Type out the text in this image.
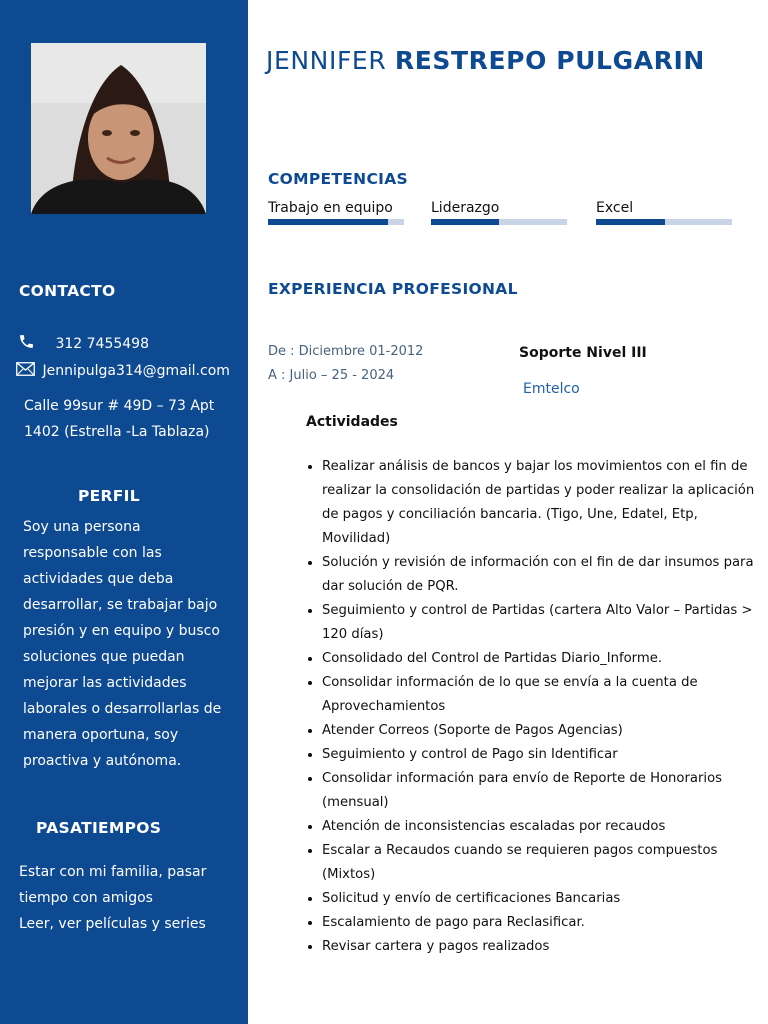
CONTACTO
312 7455498
Jennipulga314@gmail.com

Calle 99sur # 49D – 73 Apt
1402 (Estrella -La Tablaza)

PERFIL

Soy una persona
responsable con las
actividades que deba
desarrollar, se trabajar bajo
presión y en equipo y busco
soluciones que puedan
mejorar las actividades
laborales o desarrollarlas de
manera oportuna, soy
proactiva y autónoma.

PASATIEMPOS

Estar con mi familia, pasar
tiempo con amigos
Leer, ver películas y series

JENNIFER RESTREPO PULGARIN
COMPETENCIAS
Trabajo en equipo	Liderazgo	Excel
EXPERIENCIA PROFESIONAL
De : Diciembre 01-2012
A : Julio – 25 - 2024
Soporte Nivel III
Emtelco
Actividades
• Realizar análisis de bancos y bajar los movimientos con el fin de realizar la consolidación de partidas y poder realizar la aplicación de pagos y conciliación bancaria. (Tigo, Une, Edatel, Etp, Movilidad)
• Solución y revisión de información con el fin de dar insumos para dar solución de PQR.
• Seguimiento y control de Partidas (cartera Alto Valor – Partidas > 120 días)
• Consolidado del Control de Partidas Diario_Informe.
• Consolidar información de lo que se envía a la cuenta de Aprovechamientos
• Atender Correos (Soporte de Pagos Agencias)
• Seguimiento y control de Pago sin Identificar
• Consolidar información para envío de Reporte de Honorarios (mensual)
• Atención de inconsistencias escaladas por recaudos
• Escalar a Recaudos cuando se requieren pagos compuestos (Mixtos)
• Solicitud y envío de certificaciones Bancarias
• Escalamiento de pago para Reclasificar.
• Revisar cartera y pagos realizados
